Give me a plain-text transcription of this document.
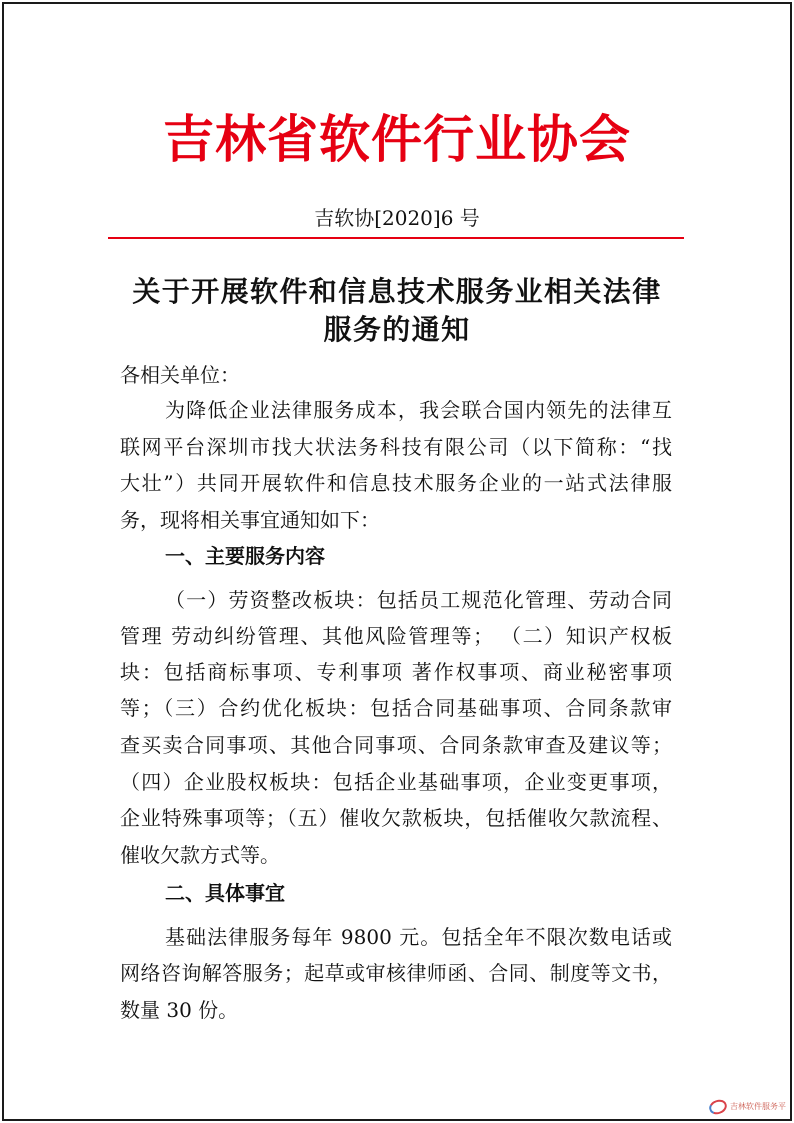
吉林省软件行业协会
吉软协[2020]6 号
关于开展软件和信息技术服务业相关法律
服务的通知
各相关单位：
为降低企业法律服务成本，我会联合国内领先的法律互
联网平台深圳市找大状法务科技有限公司（以下简称：“找
大壮”）共同开展软件和信息技术服务企业的一站式法律服
务，现将相关事宜通知如下：
一、主要服务内容
（一）劳资整改板块：包括员工规范化管理、劳动合同
管理 劳动纠纷管理、其他风险管理等； （二）知识产权板
块：包括商标事项、专利事项 著作权事项、商业秘密事项
等；（三）合约优化板块：包括合同基础事项、合同条款审
查买卖合同事项、其他合同事项、合同条款审查及建议等；
（四）企业股权板块：包括企业基础事项，企业变更事项，
企业特殊事项等；（五）催收欠款板块，包括催收欠款流程、
催收欠款方式等。
二、具体事宜
基础法律服务每年 9800 元。包括全年不限次数电话或
网络咨询解答服务；起草或审核律师函、合同、制度等文书，
数量 30 份。
吉林软件服务平
